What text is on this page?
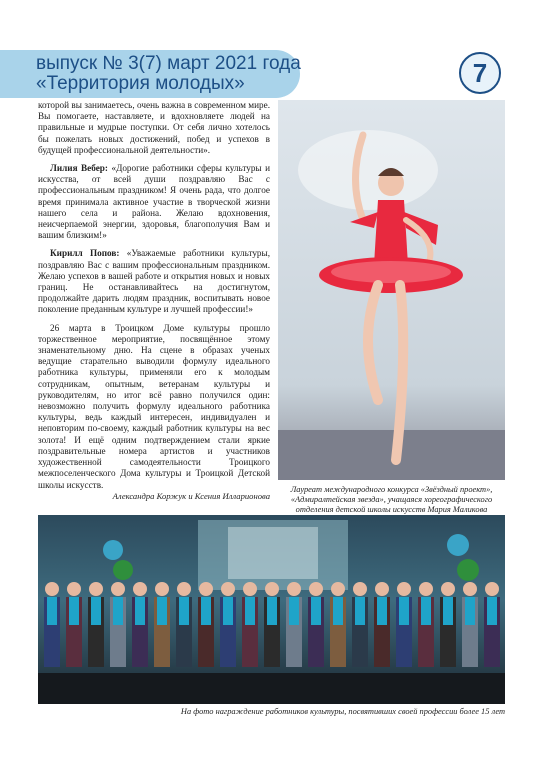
выпуск № 3(7) март 2021 года
«Территория молодых»	7

которой вы занимаетесь, очень важна в современном мире. Вы помогаете, наставляете, и вдохновляете людей на правильные и мудрые поступки. От себя лично хотелось бы пожелать новых достижений, побед и успехов в будущей профессиональной деятельности».

Лилия Вебер: «Дорогие работники сферы культуры и искусства, от всей души поздравляю Вас с профессиональным праздником! Я очень рада, что долгое время принимала активное участие в творческой жизни нашего села и района. Желаю вдохновения, неисчерпаемой энергии, здоровья, благополучия Вам и вашим близким!»

Кирилл Попов: «Уважаемые работники культуры, поздравляю Вас с вашим профессиональным праздником. Желаю успехов в вашей работе и открытия новых и новых границ. Не останавливайтесь на достигнутом, продолжайте дарить людям праздник, воспитывать новое поколение преданным культуре и лучшей профессии!»

26 марта в Троицком Доме культуры прошло торжественное мероприятие, посвящённое этому знаменательному дню. На сцене в образах ученых ведущие старательно выводили формулу идеального работника культуры, применяли его к молодым сотрудникам, опытным, ветеранам культуры и руководителям, но итог всё равно получился один: невозможно получить формулу идеального работника культуры, ведь каждый интересен, индивидуален и неповторим по-своему, каждый работник культуры на вес золота! И ещё одним подтверждением стали яркие поздравительные номера артистов и участников художественной самодеятельности Троицкого межпоселенческого Дома культуры и Троицкой Детской школы искусств.

Александра Коржук и Ксения Илларионова
Лауреат международного конкурса «Звёздный проект», «Адмиралтейская звезда», учащаяся хореографического отделения детской школы искусств Мария Маликова
На фото награждение работников культуры, посвятивших своей профессии более 15 лет
